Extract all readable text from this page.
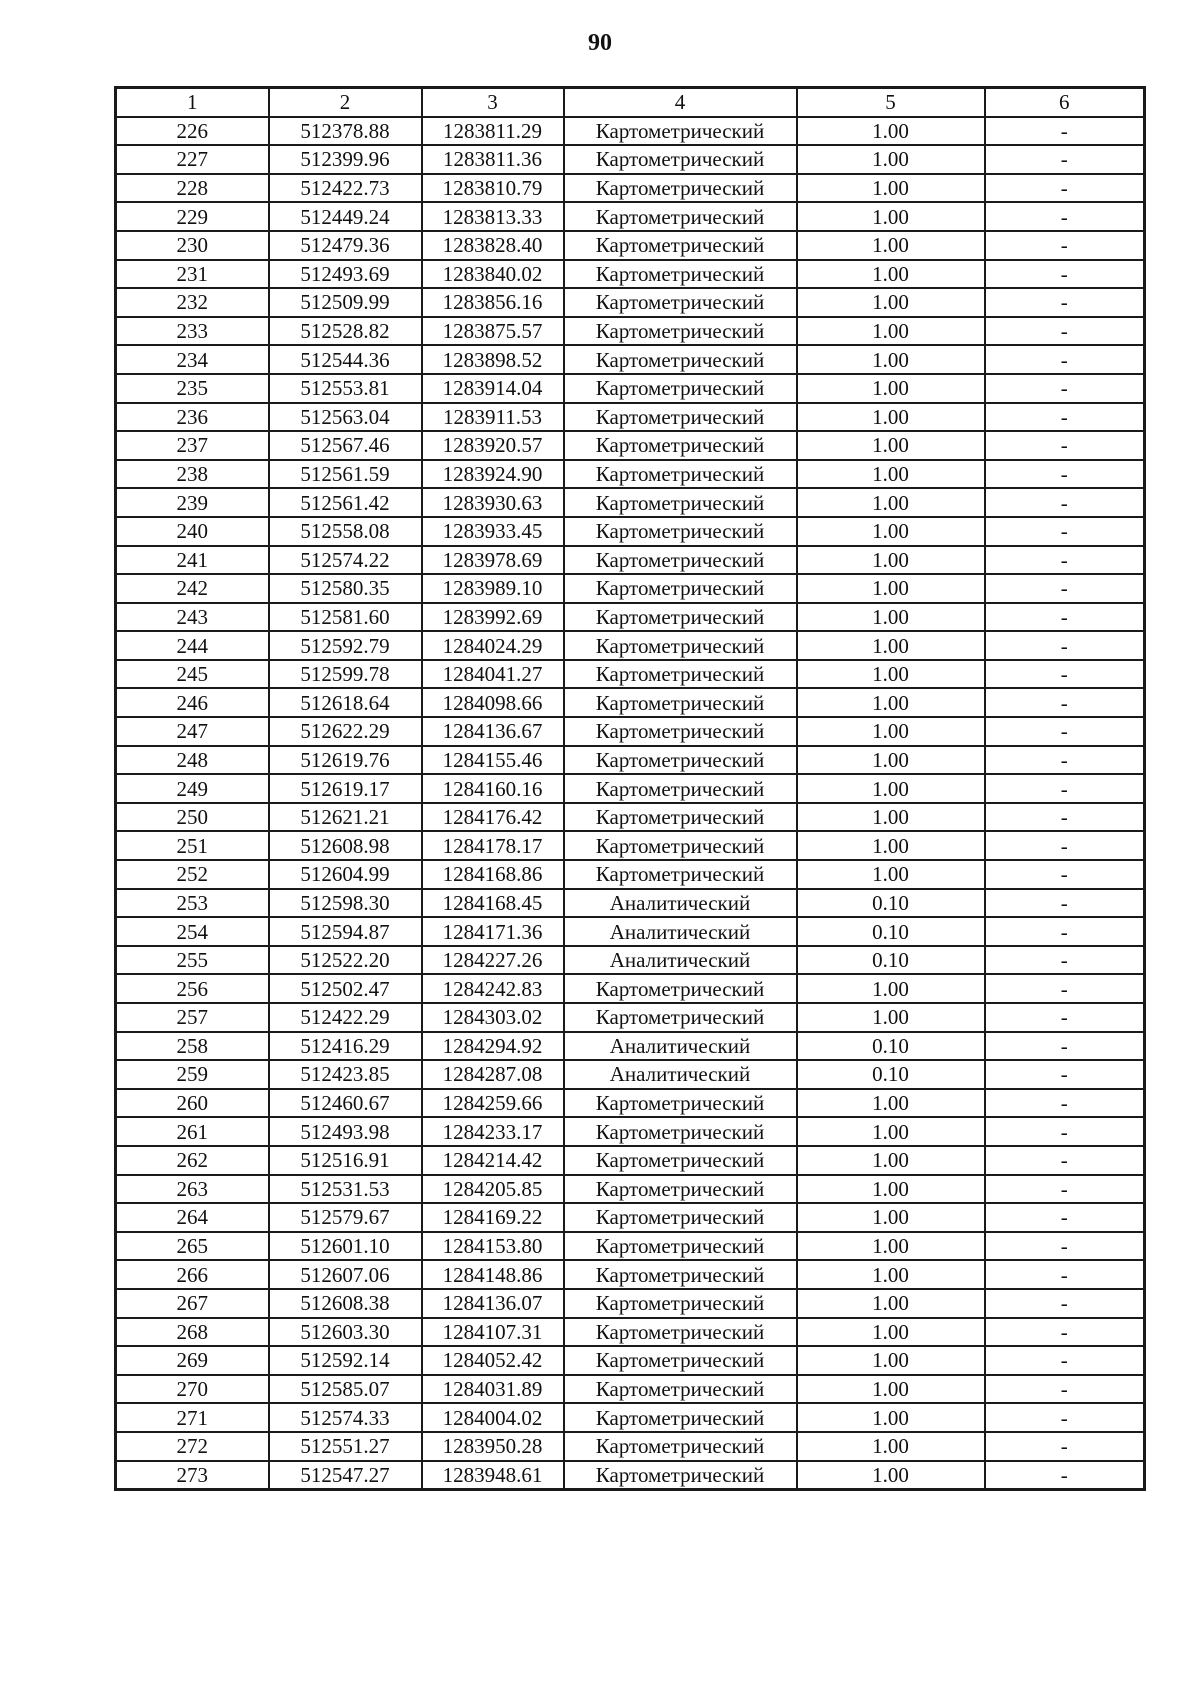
90
1	2	3	4	5	6
226	512378.88	1283811.29	Картометрический	1.00	-
227	512399.96	1283811.36	Картометрический	1.00	-
228	512422.73	1283810.79	Картометрический	1.00	-
229	512449.24	1283813.33	Картометрический	1.00	-
230	512479.36	1283828.40	Картометрический	1.00	-
231	512493.69	1283840.02	Картометрический	1.00	-
232	512509.99	1283856.16	Картометрический	1.00	-
233	512528.82	1283875.57	Картометрический	1.00	-
234	512544.36	1283898.52	Картометрический	1.00	-
235	512553.81	1283914.04	Картометрический	1.00	-
236	512563.04	1283911.53	Картометрический	1.00	-
237	512567.46	1283920.57	Картометрический	1.00	-
238	512561.59	1283924.90	Картометрический	1.00	-
239	512561.42	1283930.63	Картометрический	1.00	-
240	512558.08	1283933.45	Картометрический	1.00	-
241	512574.22	1283978.69	Картометрический	1.00	-
242	512580.35	1283989.10	Картометрический	1.00	-
243	512581.60	1283992.69	Картометрический	1.00	-
244	512592.79	1284024.29	Картометрический	1.00	-
245	512599.78	1284041.27	Картометрический	1.00	-
246	512618.64	1284098.66	Картометрический	1.00	-
247	512622.29	1284136.67	Картометрический	1.00	-
248	512619.76	1284155.46	Картометрический	1.00	-
249	512619.17	1284160.16	Картометрический	1.00	-
250	512621.21	1284176.42	Картометрический	1.00	-
251	512608.98	1284178.17	Картометрический	1.00	-
252	512604.99	1284168.86	Картометрический	1.00	-
253	512598.30	1284168.45	Аналитический	0.10	-
254	512594.87	1284171.36	Аналитический	0.10	-
255	512522.20	1284227.26	Аналитический	0.10	-
256	512502.47	1284242.83	Картометрический	1.00	-
257	512422.29	1284303.02	Картометрический	1.00	-
258	512416.29	1284294.92	Аналитический	0.10	-
259	512423.85	1284287.08	Аналитический	0.10	-
260	512460.67	1284259.66	Картометрический	1.00	-
261	512493.98	1284233.17	Картометрический	1.00	-
262	512516.91	1284214.42	Картометрический	1.00	-
263	512531.53	1284205.85	Картометрический	1.00	-
264	512579.67	1284169.22	Картометрический	1.00	-
265	512601.10	1284153.80	Картометрический	1.00	-
266	512607.06	1284148.86	Картометрический	1.00	-
267	512608.38	1284136.07	Картометрический	1.00	-
268	512603.30	1284107.31	Картометрический	1.00	-
269	512592.14	1284052.42	Картометрический	1.00	-
270	512585.07	1284031.89	Картометрический	1.00	-
271	512574.33	1284004.02	Картометрический	1.00	-
272	512551.27	1283950.28	Картометрический	1.00	-
273	512547.27	1283948.61	Картометрический	1.00	-
